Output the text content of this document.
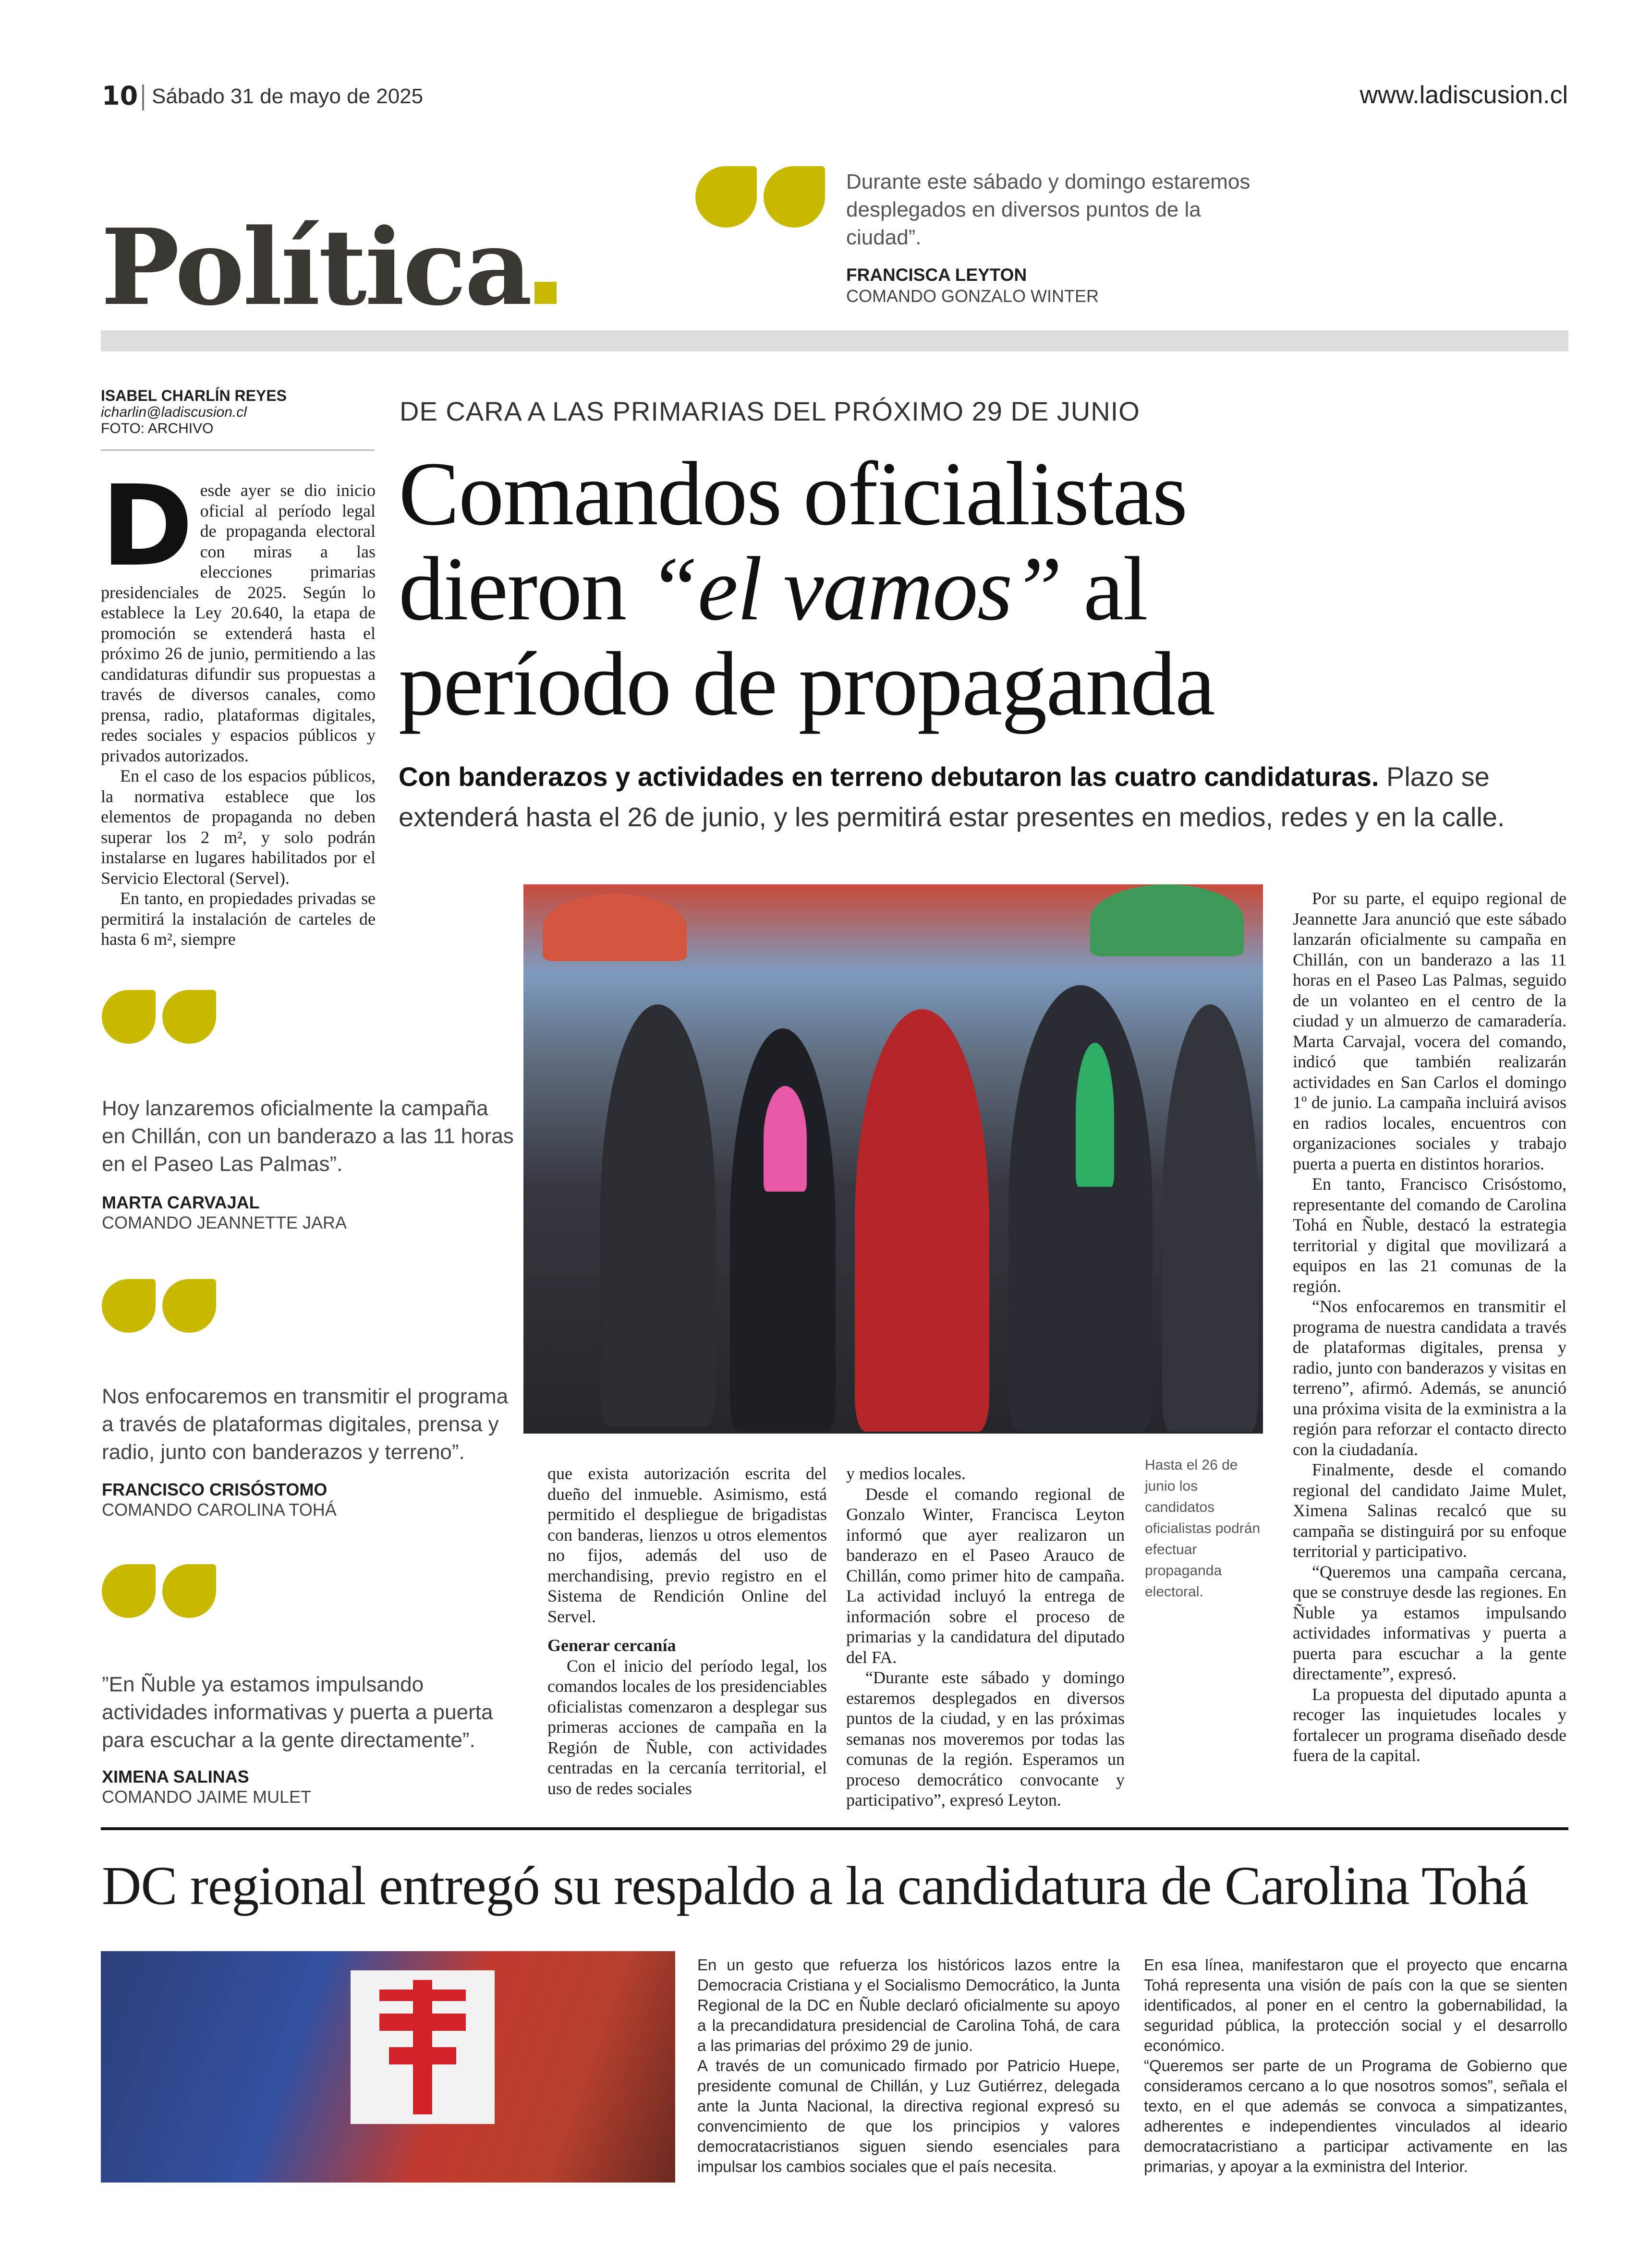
10 Sábado 31 de mayo de 2025	www.ladiscusion.cl
Política
Durante este sábado y domingo estaremos desplegados en diversos puntos de la ciudad”.
FRANCISCA LEYTON
COMANDO GONZALO WINTER
ISABEL CHARLÍN REYES
icharlin@ladiscusion.cl
FOTO: ARCHIVO
DE CARA A LAS PRIMARIAS DEL PRÓXIMO 29 DE JUNIO
Comandos oficialistas
dieron “el vamos” al
período de propaganda
Con banderazos y actividades en terreno debutaron las cuatro candidaturas. Plazo se extenderá hasta el 26 de junio, y les permitirá estar presentes en medios, redes y en la calle.
D esde ayer se dio inicio oficial al período legal de propaganda electoral con miras a las elecciones primarias presidenciales de 2025. Según lo establece la Ley 20.640, la etapa de promoción se extenderá hasta el próximo 26 de junio, permitiendo a las candidaturas difundir sus propuestas a través de diversos canales, como prensa, radio, plataformas digitales, redes sociales y espacios públicos y privados autorizados.

En el caso de los espacios públicos, la normativa establece que los elementos de propaganda no deben superar los 2 m², y solo podrán instalarse en lugares habilitados por el Servicio Electoral (Servel).

En tanto, en propiedades privadas se permitirá la instalación de carteles de hasta 6 m², siempre

Hoy lanzaremos oficialmente la campaña en Chillán, con un banderazo a las 11 horas en el Paseo Las Palmas”.
MARTA CARVAJAL
COMANDO JEANNETTE JARA
Nos enfocaremos en transmitir el programa a través de plataformas digitales, prensa y radio, junto con banderazos y terreno”.
FRANCISCO CRISÓSTOMO
COMANDO CAROLINA TOHÁ
”En Ñuble ya estamos impulsando actividades informativas y puerta a puerta para escuchar a la gente directamente”.
XIMENA SALINAS
COMANDO JAIME MULET
Hasta el 26 de junio los candidatos oficialistas podrán efectuar propaganda electoral.

que exista autorización escrita del dueño del inmueble. Asimismo, está permitido el despliegue de brigadistas con banderas, lienzos u otros elementos no fijos, además del uso de merchandising, previo registro en el Sistema de Rendición Online del Servel.

Generar cercanía

Con el inicio del período legal, los comandos locales de los presidenciables oficialistas comenzaron a desplegar sus primeras acciones de campaña en la Región de Ñuble, con actividades centradas en la cercanía territorial, el uso de redes sociales

y medios locales.

Desde el comando regional de Gonzalo Winter, Francisca Leyton informó que ayer realizaron un banderazo en el Paseo Arauco de Chillán, como primer hito de campaña. La actividad incluyó la entrega de información sobre el proceso de primarias y la candidatura del diputado del FA.

“Durante este sábado y domingo estaremos desplegados en diversos puntos de la ciudad, y en las próximas semanas nos moveremos por todas las comunas de la región. Esperamos un proceso democrático convocante y participativo”, expresó Leyton.

Por su parte, el equipo regional de Jeannette Jara anunció que este sábado lanzarán oficialmente su campaña en Chillán, con un banderazo a las 11 horas en el Paseo Las Palmas, seguido de un volanteo en el centro de la ciudad y un almuerzo de camaradería. Marta Carvajal, vocera del comando, indicó que también realizarán actividades en San Carlos el domingo 1º de junio. La campaña incluirá avisos en radios locales, encuentros con organizaciones sociales y trabajo puerta a puerta en distintos horarios.

En tanto, Francisco Crisóstomo, representante del comando de Carolina Tohá en Ñuble, destacó la estrategia territorial y digital que movilizará a equipos en las 21 comunas de la región.

“Nos enfocaremos en transmitir el programa de nuestra candidata a través de plataformas digitales, prensa y radio, junto con banderazos y visitas en terreno”, afirmó. Además, se anunció una próxima visita de la exministra a la región para reforzar el contacto directo con la ciudadanía.

Finalmente, desde el comando regional del candidato Jaime Mulet, Ximena Salinas recalcó que su campaña se distinguirá por su enfoque territorial y participativo.

“Queremos una campaña cercana, que se construye desde las regiones. En Ñuble ya estamos impulsando actividades informativas y puerta a puerta para escuchar a la gente directamente”, expresó.

La propuesta del diputado apunta a recoger las inquietudes locales y fortalecer un programa diseñado desde fuera de la capital.

DC regional entregó su respaldo a la candidatura de Carolina Tohá

En un gesto que refuerza los históricos lazos entre la Democracia Cristiana y el Socialismo Democrático, la Junta Regional de la DC en Ñuble declaró oficialmente su apoyo a la precandidatura presidencial de Carolina Tohá, de cara a las primarias del próximo 29 de junio.

A través de un comunicado firmado por Patricio Huepe, presidente comunal de Chillán, y Luz Gutiérrez, delegada ante la Junta Nacional, la directiva regional expresó su convencimiento de que los principios y valores democratacristianos siguen siendo esenciales para impulsar los cambios sociales que el país necesita.

En esa línea, manifestaron que el proyecto que encarna Tohá representa una visión de país con la que se sienten identificados, al poner en el centro la gobernabilidad, la seguridad pública, la protección social y el desarrollo económico.

“Queremos ser parte de un Programa de Gobierno que consideramos cercano a lo que nosotros somos”, señala el texto, en el que además se convoca a simpatizantes, adherentes e independientes vinculados al ideario democratacristiano a participar activamente en las primarias, y apoyar a la exministra del Interior.
